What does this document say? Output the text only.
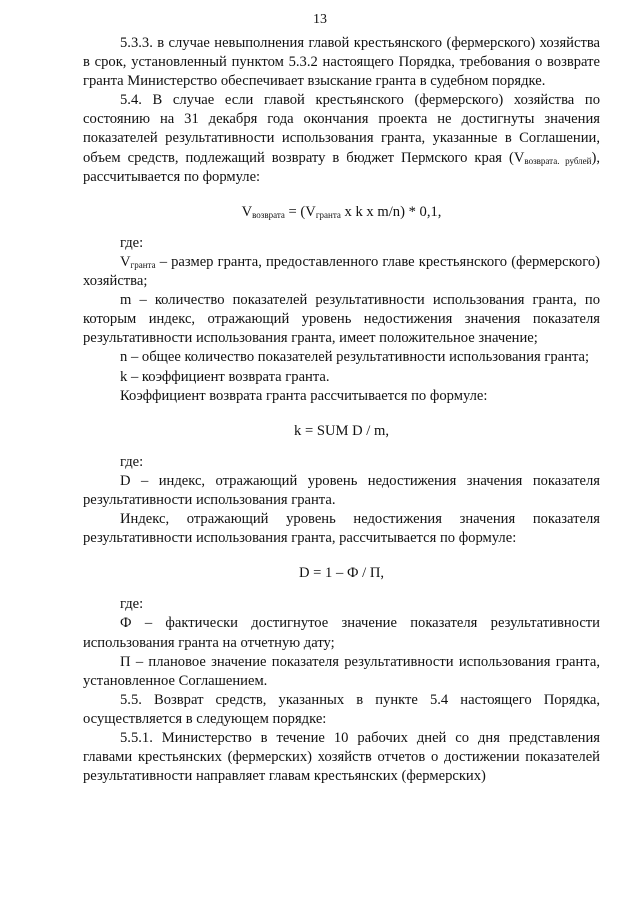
13

5.3.3. в случае невыполнения главой крестьянского (фермерского) хозяйства в срок, установленный пунктом 5.3.2 настоящего Порядка, требования о возврате гранта Министерство обеспечивает взыскание гранта в судебном порядке.

5.4. В случае если главой крестьянского (фермерского) хозяйства по состоянию на 31 декабря года окончания проекта не достигнуты значения показателей результативности использования гранта, указанные в Соглашении, объем средств, подлежащий возврату в бюджет Пермского края $(V_{возврата. рублей})$, рассчитывается по формуле:

$V_{возврата} = (V_{гранта}$ x k x m/n) * 0,1,

где:

$V_{гранта}$ – размер гранта, предоставленного главе крестьянского (фермерского) хозяйства;

m – количество показателей результативности использования гранта, по которым индекс, отражающий уровень недостижения значения показателя результативности использования гранта, имеет положительное значение;

n – общее количество показателей результативности использования гранта;

k – коэффициент возврата гранта.

Коэффициент возврата гранта рассчитывается по формуле:

k = SUM D / m,

где:

D – индекс, отражающий уровень недостижения значения показателя результативности использования гранта.

Индекс, отражающий уровень недостижения значения показателя результативности использования гранта, рассчитывается по формуле:

D = 1 – Ф / П,

где:

Ф – фактически достигнутое значение показателя результативности использования гранта на отчетную дату;

П – плановое значение показателя результативности использования гранта, установленное Соглашением.

5.5. Возврат средств, указанных в пункте 5.4 настоящего Порядка, осуществляется в следующем порядке:

5.5.1. Министерство в течение 10 рабочих дней со дня представления главами крестьянских (фермерских) хозяйств отчетов о достижении показателей результативности направляет главам крестьянских (фермерских)
